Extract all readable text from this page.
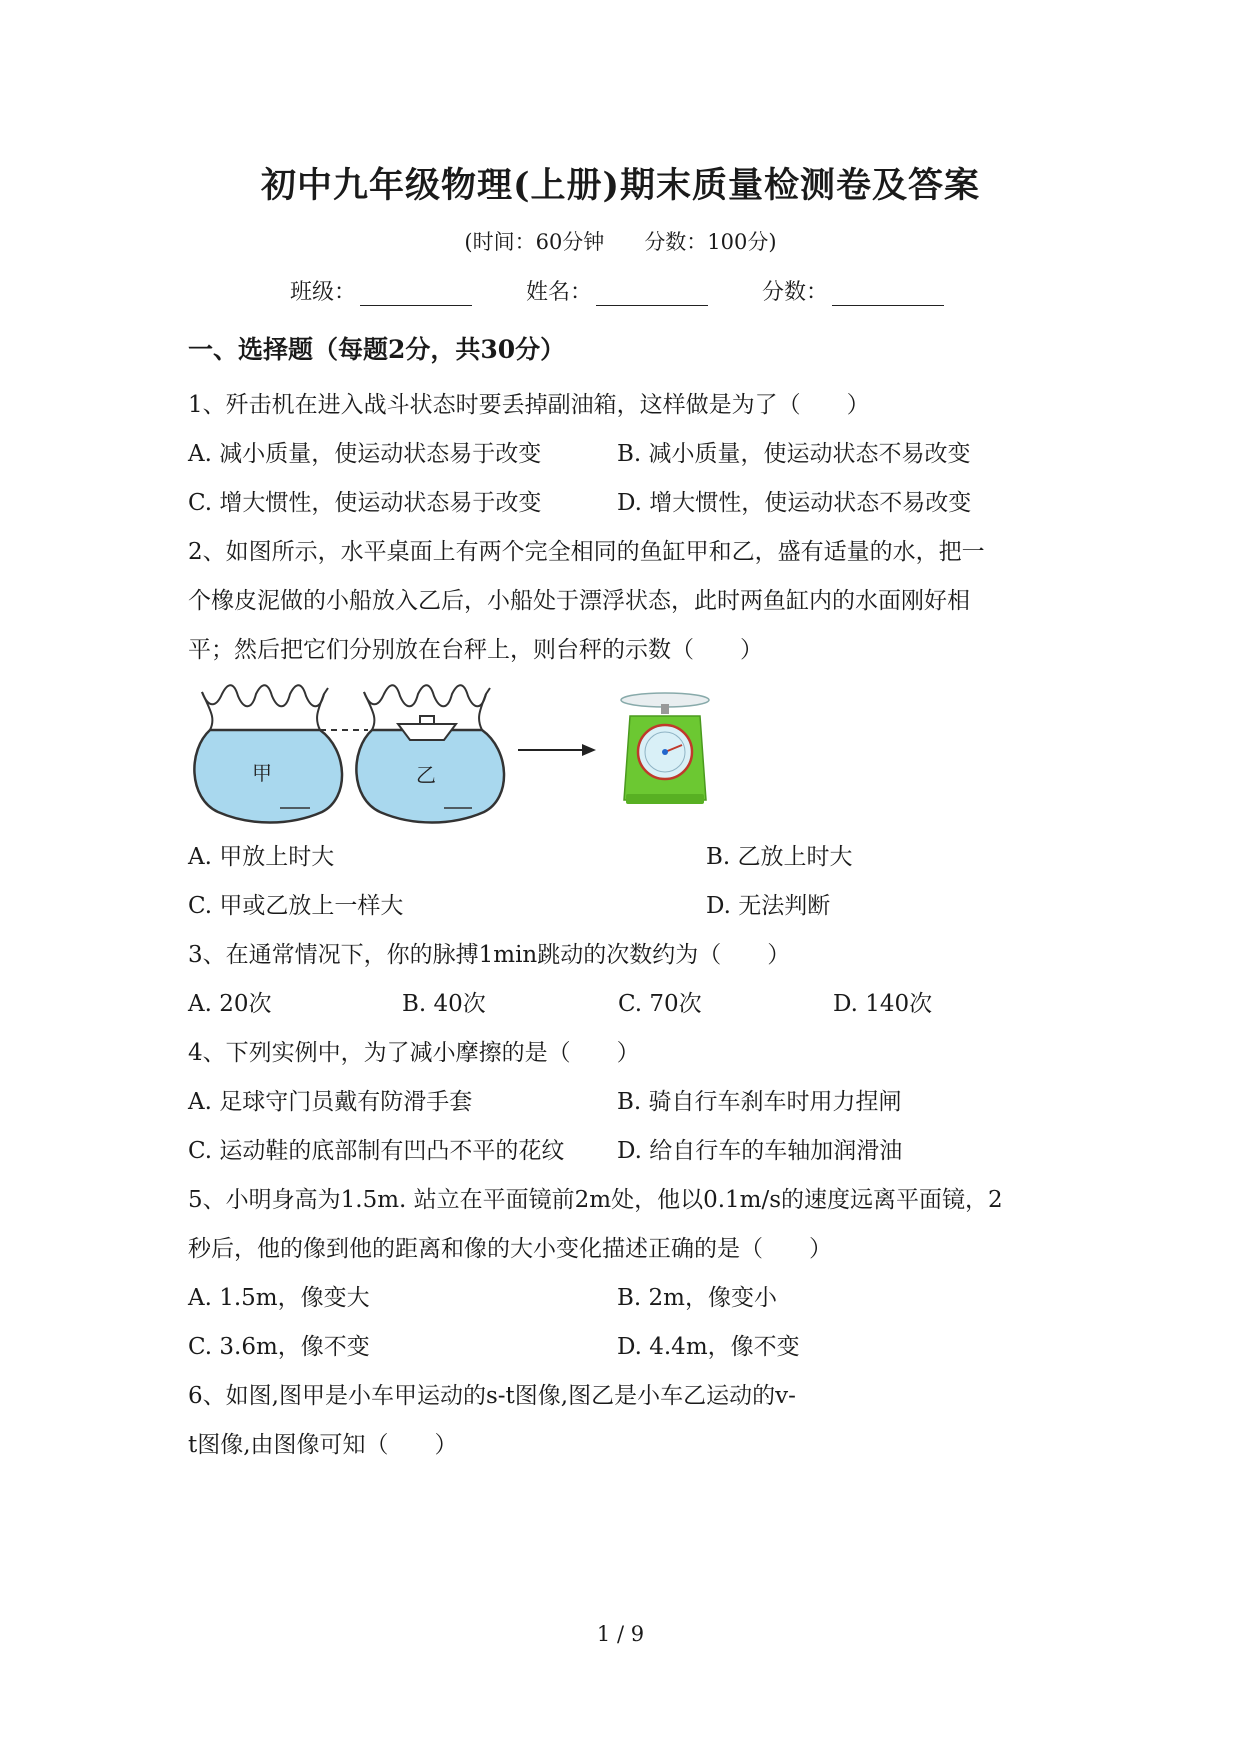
初中九年级物理(上册)期末质量检测卷及答案
(时间：60分钟 分数：100分)
班级：	姓名：	分数：
一、选择题（每题2分，共30分）
1、歼击机在进入战斗状态时要丢掉副油箱，这样做是为了（　　）
A. 减小质量，使运动状态易于改变	B. 减小质量，使运动状态不易改变
C. 增大惯性，使运动状态易于改变	D. 增大惯性，使运动状态不易改变
2、如图所示，水平桌面上有两个完全相同的鱼缸甲和乙，盛有适量的水，把一
个橡皮泥做的小船放入乙后，小船处于漂浮状态，此时两鱼缸内的水面刚好相
平；然后把它们分别放在台秤上，则台秤的示数（　　）
甲	乙
A. 甲放上时大	B. 乙放上时大
C. 甲或乙放上一样大	D. 无法判断
3、在通常情况下，你的脉搏1min跳动的次数约为（　　）
A. 20次	B. 40次	C. 70次	D. 140次
4、下列实例中，为了减小摩擦的是（　　）
A. 足球守门员戴有防滑手套	B. 骑自行车刹车时用力捏闸
C. 运动鞋的底部制有凹凸不平的花纹 D. 给自行车的车轴加润滑油
5、小明身高为1.5m. 站立在平面镜前2m处，他以0.1m/s的速度远离平面镜，2
秒后，他的像到他的距离和像的大小变化描述正确的是（　　）
A. 1.5m，像变大	B. 2m，像变小
C. 3.6m，像不变	D. 4.4m，像不变
6、如图,图甲是小车甲运动的s-t图像,图乙是小车乙运动的v-
t图像,由图像可知（　　）
1 / 9
